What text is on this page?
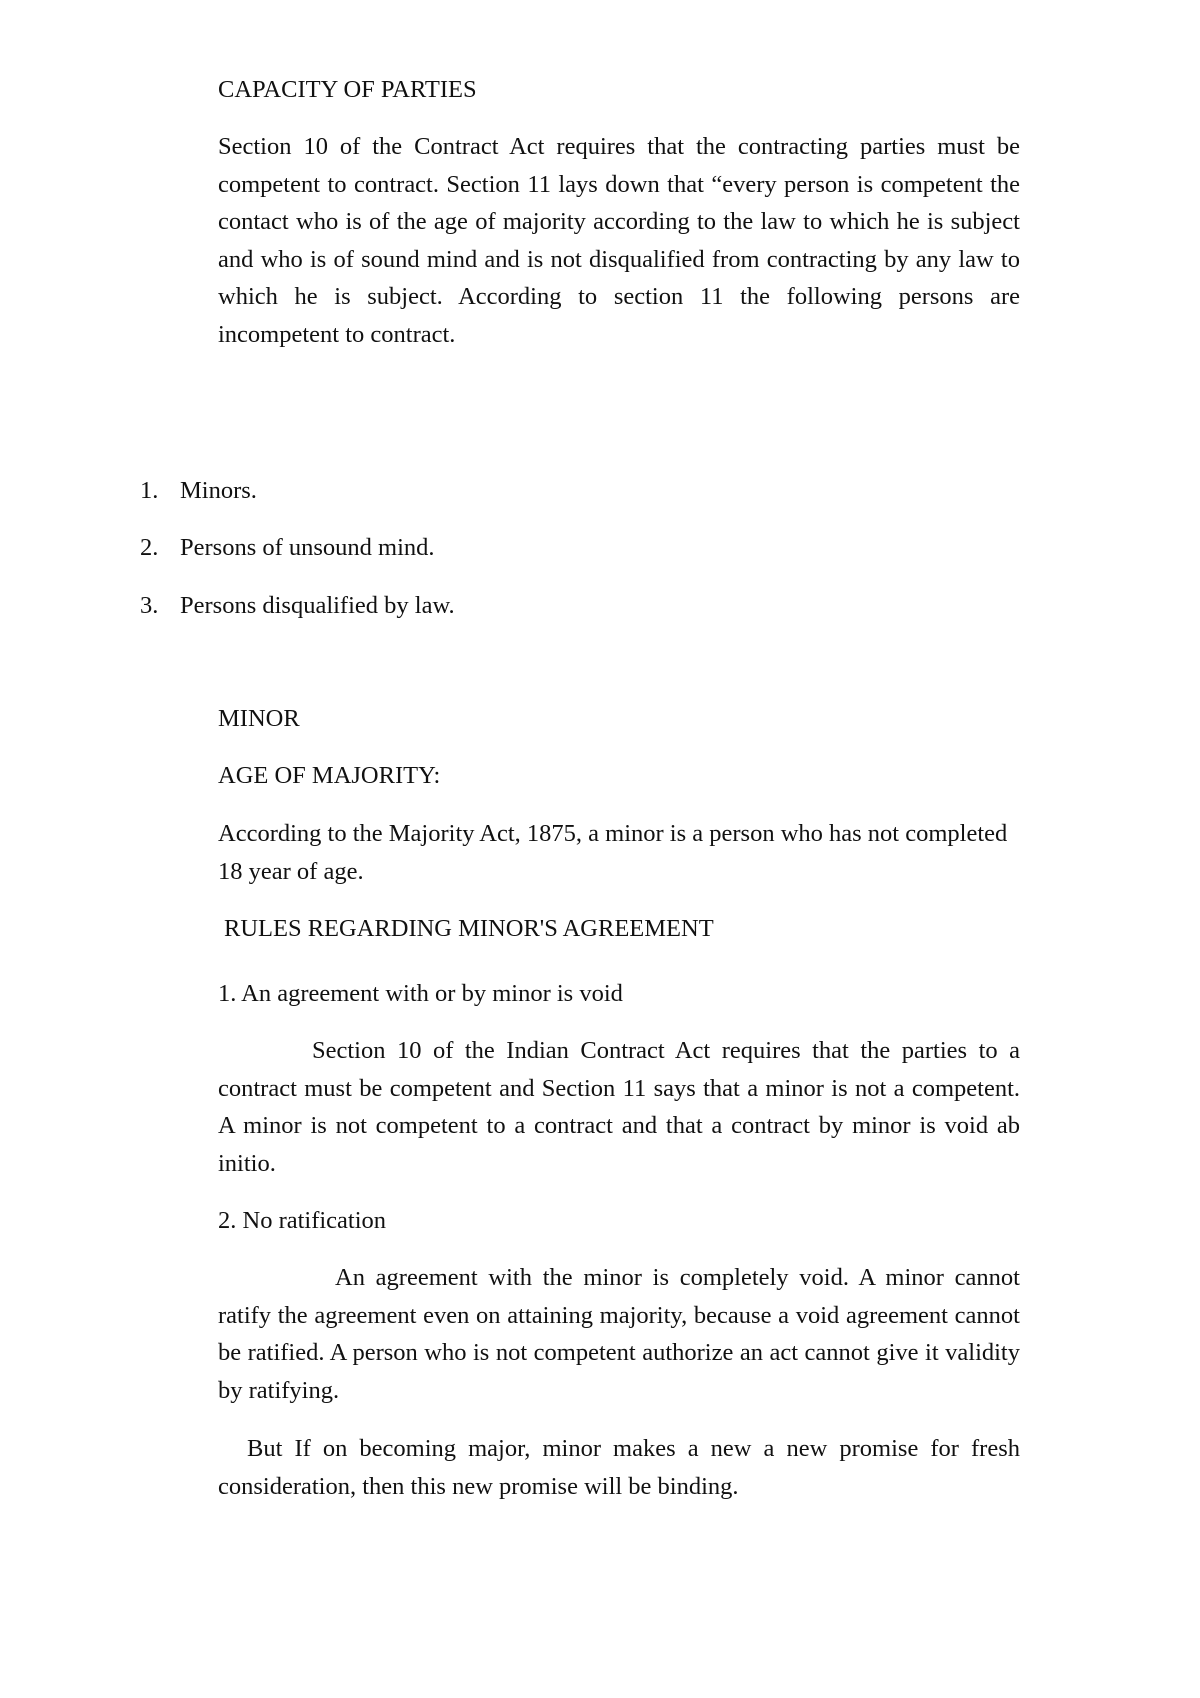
CAPACITY OF PARTIES

Section 10 of the Contract Act requires that the contracting parties must be competent to contract. Section 11 lays down that “every person is competent the contact who is of the age of majority according to the law to which he is subject and who is of sound mind and is not disqualified from contracting by any law to which he is subject. According to section 11 the following persons are incompetent to contract.

1. Minors.
2. Persons of unsound mind.
3. Persons disqualified by law.

MINOR

AGE OF MAJORITY:

According to the Majority Act, 1875, a minor is a person who has not completed 18 year of age.

RULES REGARDING MINOR'S AGREEMENT

1. An agreement with or by minor is void

Section 10 of the Indian Contract Act requires that the parties to a contract must be competent and Section 11 says that a minor is not a competent. A minor is not competent to a contract and that a contract by minor is void ab initio.

2. No ratification

An agreement with the minor is completely void. A minor cannot ratify the agreement even on attaining majority, because a void agreement cannot be ratified. A person who is not competent authorize an act cannot give it validity by ratifying.

But If on becoming major, minor makes a new a new promise for fresh consideration, then this new promise will be binding.
